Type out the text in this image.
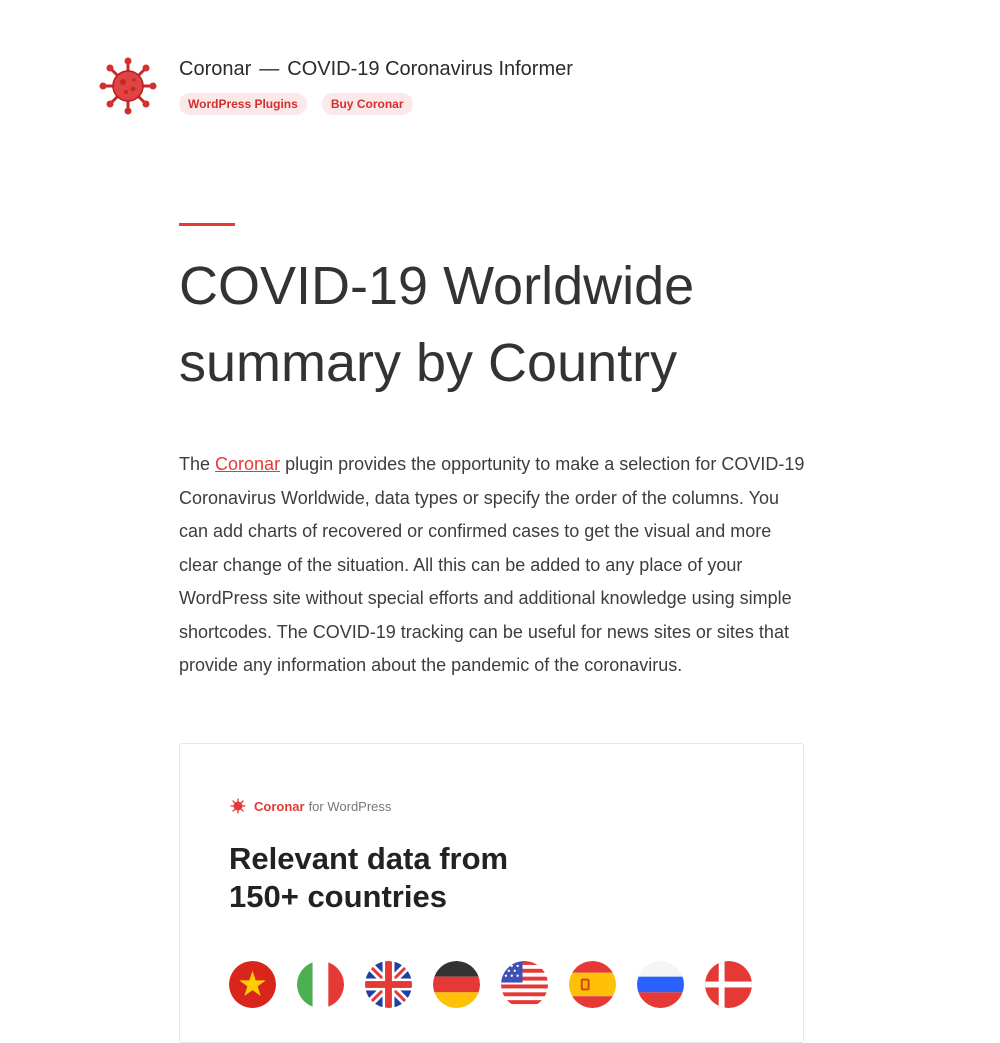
Coronar — COVID-19 Coronavirus Informer
WordPress Plugins	Buy Coronar
COVID-19 Worldwide summary by Country

The Coronar plugin provides the opportunity to make a selection for COVID-19 Coronavirus Worldwide, data types or specify the order of the columns. You can add charts of recovered or confirmed cases to get the visual and more clear change of the situation. All this can be added to any place of your WordPress site without special efforts and additional knowledge using simple shortcodes. The COVID-19 tracking can be useful for news sites or sites that provide any information about the pandemic of the coronavirus.

Coronar for WordPress
Relevant data from
150+ countries
